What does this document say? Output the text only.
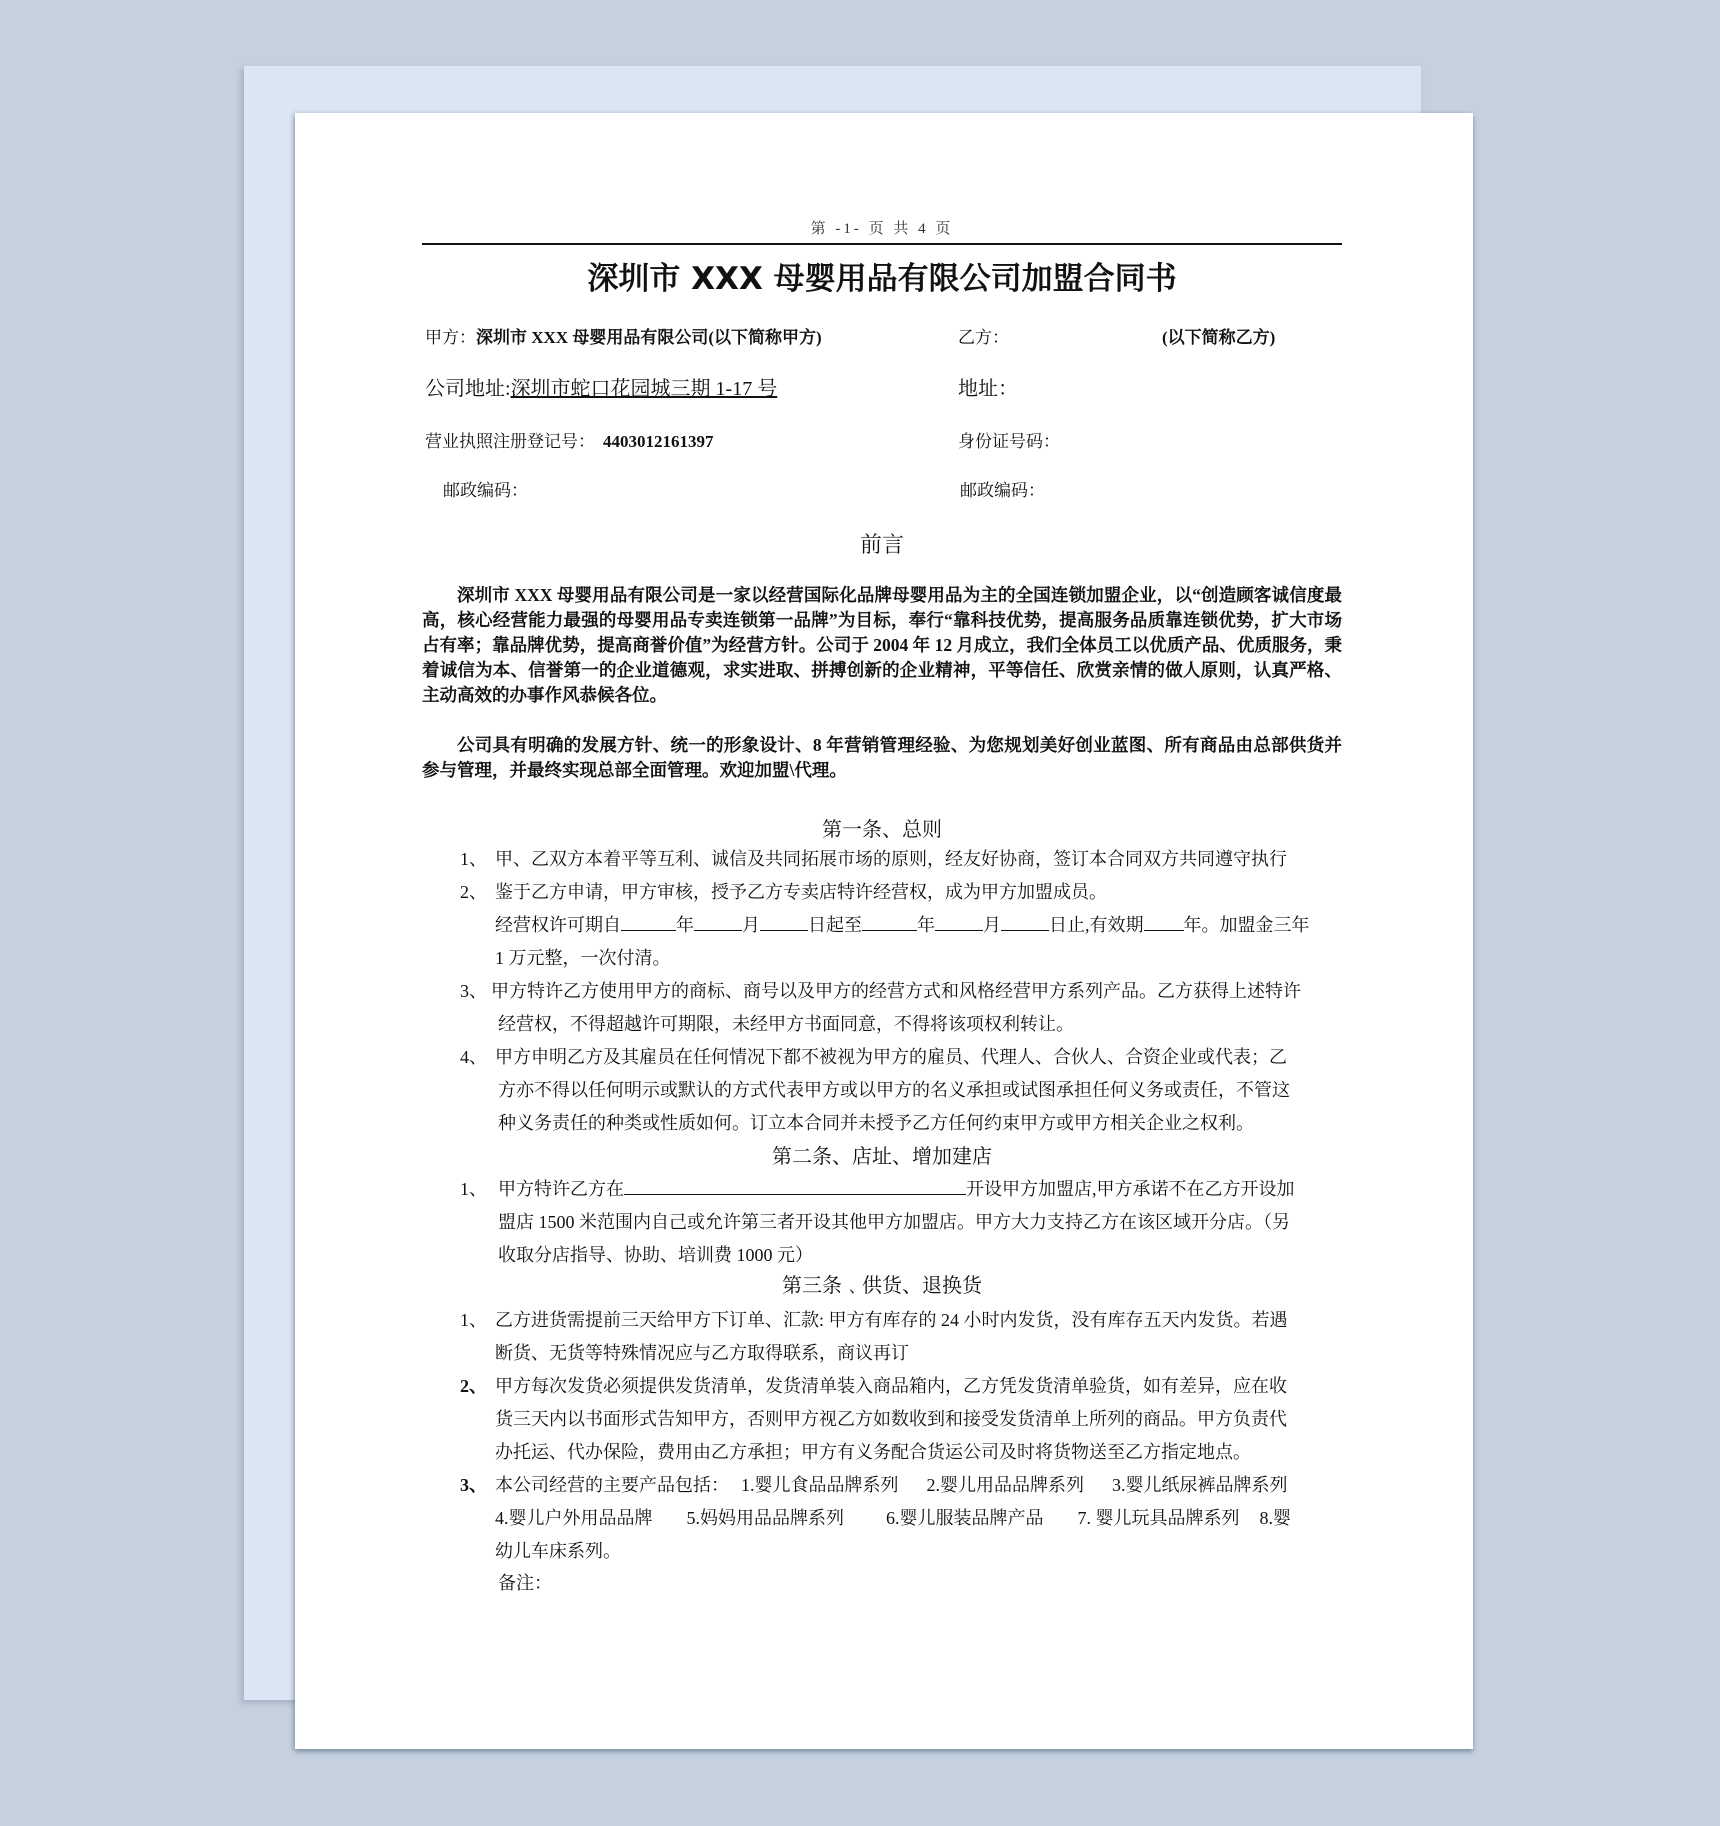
第 -1- 页 共 4 页
深圳市 XXX 母婴用品有限公司加盟合同书
甲方：深圳市 XXX 母婴用品有限公司(以下简称甲方)	乙方：	(以下简称乙方)
公司地址:深圳市蛇口花园城三期 1-17 号	地址：
营业执照注册登记号： 4403012161397	身份证号码：
邮政编码：	邮政编码：
前言
深圳市 XXX 母婴用品有限公司是一家以经营国际化品牌母婴用品为主的全国连锁加盟企业，以“创造顾客诚信度最高，核心经营能力最强的母婴用品专卖连锁第一品牌”为目标，奉行“靠科技优势，提高服务品质靠连锁优势，扩大市场占有率；靠品牌优势，提高商誉价值”为经营方针。公司于 2004 年 12 月成立，我们全体员工以优质产品、优质服务，秉着诚信为本、信誉第一的企业道德观，求实进取、拼搏创新的企业精神，平等信任、欣赏亲情的做人原则，认真严格、主动高效的办事作风恭候各位。
公司具有明确的发展方针、统一的形象设计、8 年营销管理经验、为您规划美好创业蓝图、所有商品由总部供货并参与管理，并最终实现总部全面管理。欢迎加盟\代理。
第一条、总则
1、 甲、乙双方本着平等互利、诚信及共同拓展市场的原则，经友好协商，签订本合同双方共同遵守执行
2、 鉴于乙方申请，甲方审核，授予乙方专卖店特许经营权，成为甲方加盟成员。
经营权许可期自	年	月	日起至	年	月	日止,有效期 年。加盟金三年
1 万元整，一次付清。
3、 甲方特许乙方使用甲方的商标、商号以及甲方的经营方式和风格经营甲方系列产品。乙方获得上述特许
经营权，不得超越许可期限，未经甲方书面同意，不得将该项权利转让。
4、 甲方申明乙方及其雇员在任何情况下都不被视为甲方的雇员、代理人、合伙人、合资企业或代表；乙
方亦不得以任何明示或默认的方式代表甲方或以甲方的名义承担或试图承担任何义务或责任，不管这
种义务责任的种类或性质如何。订立本合同并未授予乙方任何约束甲方或甲方相关企业之权利。
第二条、店址、增加建店
1、 甲方特许乙方在	开设甲方加盟店,甲方承诺不在乙方开设加
盟店 1500 米范围内自己或允许第三者开设其他甲方加盟店。甲方大力支持乙方在该区域开分店。（另
收取分店指导、协助、培训费 1000 元）
第三条﹑供货、退换货
1、 乙方进货需提前三天给甲方下订单、汇款: 甲方有库存的 24 小时内发货，没有库存五天内发货。若遇
断货、无货等特殊情况应与乙方取得联系，商议再订
2、 甲方每次发货必须提供发货清单，发货清单装入商品箱内，乙方凭发货清单验货，如有差异，应在收
货三天内以书面形式告知甲方，否则甲方视乙方如数收到和接受发货清单上所列的商品。甲方负责代
办托运、代办保险，费用由乙方承担；甲方有义务配合货运公司及时将货物送至乙方指定地点。
3、 本公司经营的主要产品包括： 1.婴儿食品品牌系列 2.婴儿用品品牌系列 3.婴儿纸尿裤品牌系列
4.婴儿户外用品品牌 5.妈妈用品品牌系列 6.婴儿服装品牌产品 7. 婴儿玩具品牌系列 8.婴
幼儿车床系列。
备注：
